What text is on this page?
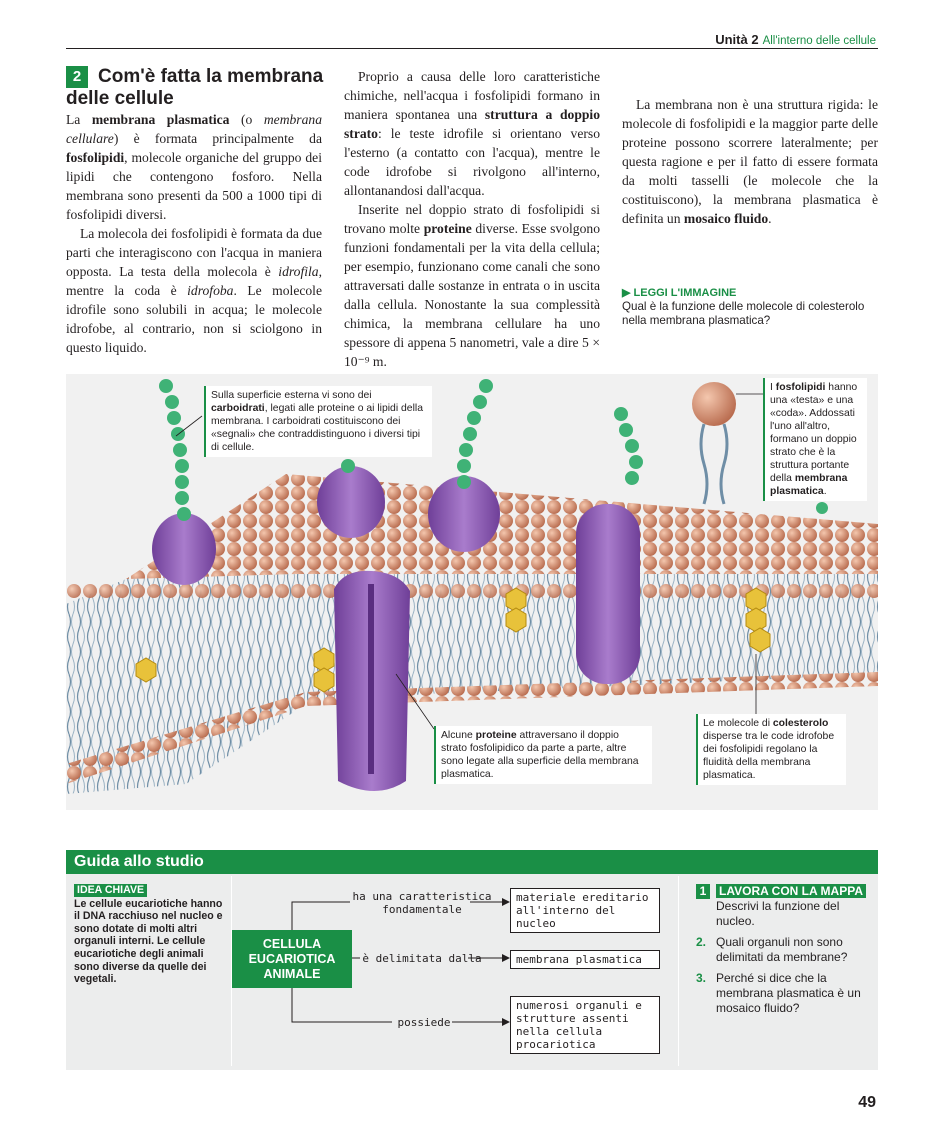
Unità 2 All'interno delle cellule
2 Com'è fatta la membrana delle cellule

La membrana plasmatica (o membrana cellulare) è formata principalmente da fosfolipidi, molecole organiche del gruppo dei lipidi che contengono fosforo. Nella membrana sono presenti da 500 a 1000 tipi di fosfolipidi diversi.

La molecola dei fosfolipidi è formata da due parti che interagiscono con l'acqua in maniera opposta. La testa della molecola è idrofila, mentre la coda è idrofoba. Le molecole idrofile sono solubili in acqua; le molecole idrofobe, al contrario, non si sciolgono in questo liquido.

Proprio a causa delle loro caratteristiche chimiche, nell'acqua i fosfolipidi formano in maniera spontanea una struttura a doppio strato: le teste idrofile si orientano verso l'esterno (a contatto con l'acqua), mentre le code idrofobe si rivolgono all'interno, allontanandosi dall'acqua.

Inserite nel doppio strato di fosfolipidi si trovano molte proteine diverse. Esse svolgono funzioni fondamentali per la vita della cellula; per esempio, funzionano come canali che sono attraversati dalle sostanze in entrata o in uscita dalla cellula. Nonostante la sua complessità chimica, la membrana cellulare ha uno spessore di appena 5 nanometri, vale a dire 5 × 10⁻⁹ m.

La membrana non è una struttura rigida: le molecole di fosfolipidi e la maggior parte delle proteine possono scorrere lateralmente; per questa ragione e per il fatto di essere formata da molti tasselli (le molecole che la costituiscono), la membrana plasmatica è definita un mosaico fluido.

▶ LEGGI L'IMMAGINE
Qual è la funzione delle molecole di colesterolo nella membrana plasmatica?
Sulla superficie esterna vi sono dei carboidrati, legati alle proteine o ai lipidi della membrana. I carboidrati costituiscono dei «segnali» che contraddistinguono i diversi tipi di cellule.
I fosfolipidi hanno una «testa» e una «coda». Addossati l'uno all'altro, formano un doppio strato che è la struttura portante della membrana plasmatica.
Alcune proteine attraversano il doppio strato fosfolipidico da parte a parte, altre sono legate alla superficie della membrana plasmatica.
Le molecole di colesterolo disperse tra le code idrofobe dei fosfolipidi regolano la fluidità della membrana plasmatica.
Guida allo studio
IDEA CHIAVE
Le cellule eucariotiche hanno il DNA racchiuso nel nucleo e sono dotate di molti altri organuli interni. Le cellule eucariotiche degli animali sono diverse da quelle dei vegetali.
CELLULA EUCARIOTICA ANIMALE
ha una caratteristica fondamentale
è delimitata dalla
possiede
materiale ereditario all'interno del nucleo
membrana plasmatica
numerosi organuli e strutture assenti nella cellula procariotica
1	LAVORA CON LA MAPPA
Descrivi la funzione del nucleo.
2. Quali organuli non sono delimitati da membrane?
3. Perché si dice che la membrana plasmatica è un mosaico fluido?
49
